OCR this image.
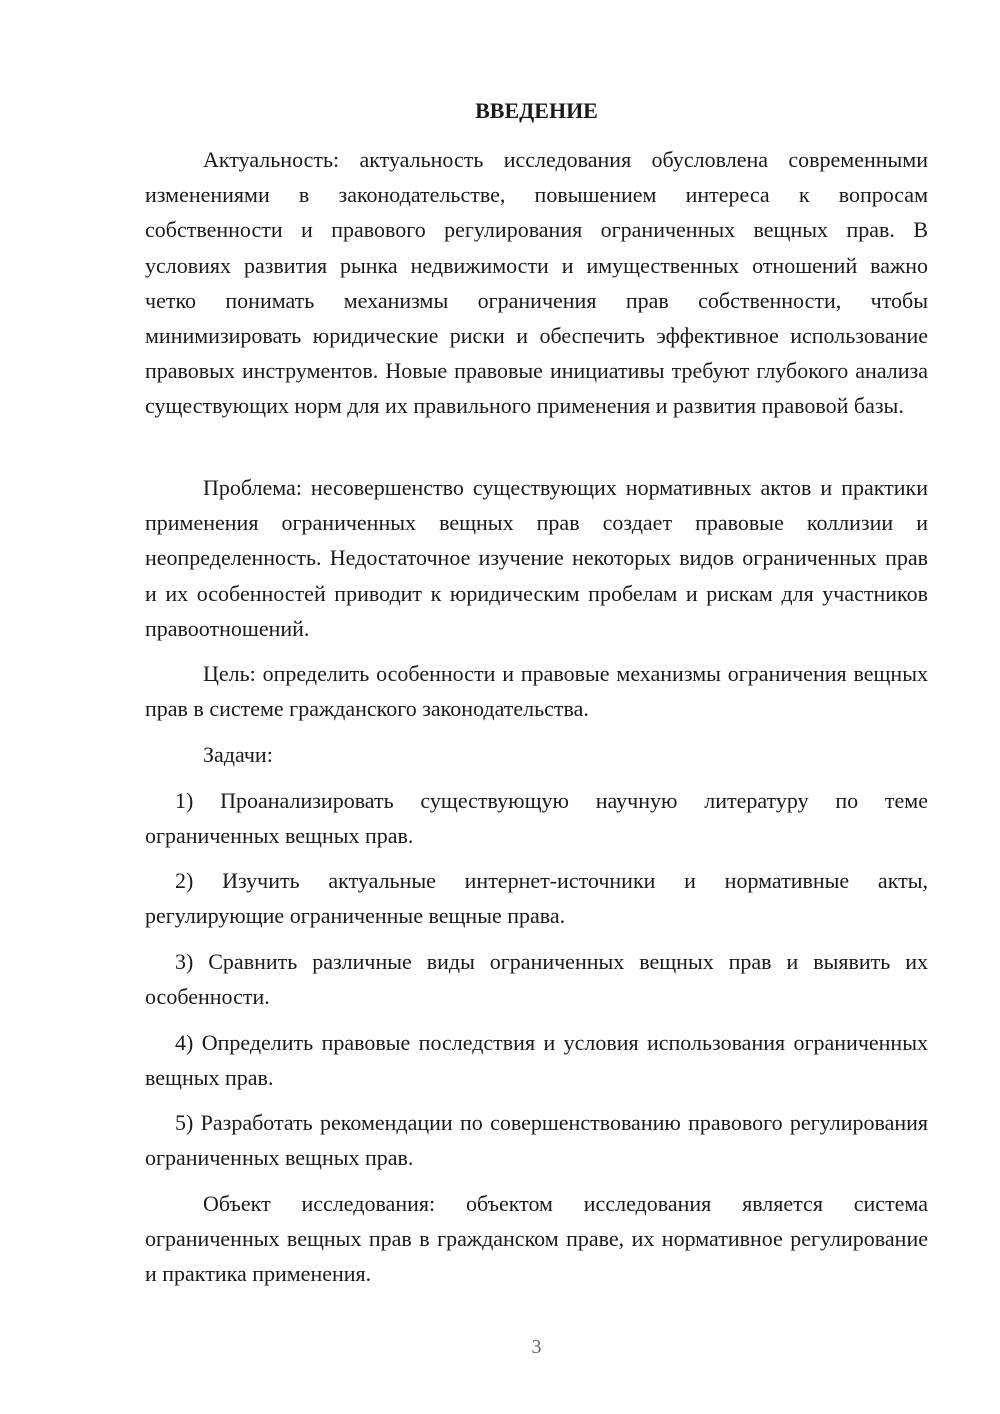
ВВЕДЕНИЕ

Актуальность: актуальность исследования обусловлена современными изменениями в законодательстве, повышением интереса к вопросам собственности и правового регулирования ограниченных вещных прав. В условиях развития рынка недвижимости и имущественных отношений важно четко понимать механизмы ограничения прав собственности, чтобы минимизировать юридические риски и обеспечить эффективное использование правовых инструментов. Новые правовые инициативы требуют глубокого анализа существующих норм для их правильного применения и развития правовой базы.

Проблема: несовершенство существующих нормативных актов и практики применения ограниченных вещных прав создает правовые коллизии и неопределенность. Недостаточное изучение некоторых видов ограниченных прав и их особенностей приводит к юридическим пробелам и рискам для участников правоотношений.

Цель: определить особенности и правовые механизмы ограничения вещных прав в системе гражданского законодательства.

Задачи:

1) Проанализировать существующую научную литературу по теме ограниченных вещных прав.

2) Изучить актуальные интернет-источники и нормативные акты, регулирующие ограниченные вещные права.

3) Сравнить различные виды ограниченных вещных прав и выявить их особенности.

4) Определить правовые последствия и условия использования ограниченных вещных прав.

5) Разработать рекомендации по совершенствованию правового регулирования ограниченных вещных прав.

Объект исследования: объектом исследования является система ограниченных вещных прав в гражданском праве, их нормативное регулирование и практика применения.

3
